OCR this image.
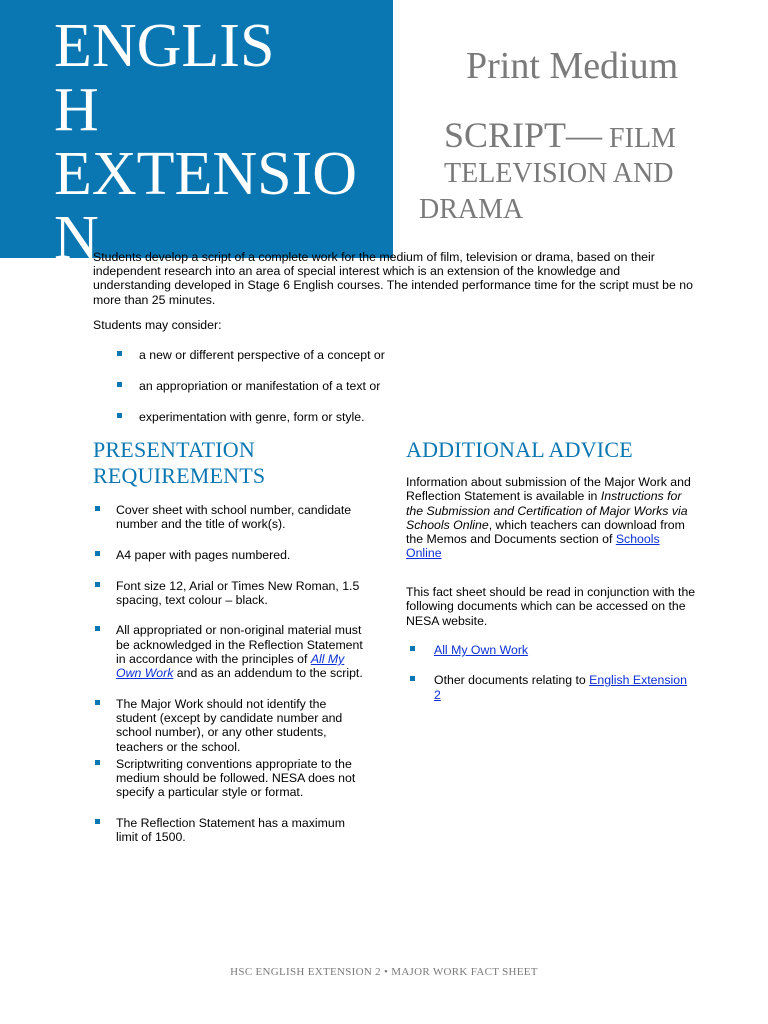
ENGLIS
H
EXTENSION
2

Print Medium

SCRIPT— FILM

TELEVISION AND

DRAMA

Students develop a script of a complete work for the medium of film, television or drama, based on their independent research into an area of special interest which is an extension of the knowledge and understanding developed in Stage 6 English courses. The intended performance time for the script must be no more than 25 minutes.

Students may consider:

a new or different perspective of a concept or
an appropriation or manifestation of a text or
experimentation with genre, form or style.
PRESENTATION
REQUIREMENTS
Cover sheet with school number, candidate number and the title of work(s).
A4 paper with pages numbered.
Font size 12, Arial or Times New Roman, 1.5 spacing, text colour – black.
All appropriated or non-original material must be acknowledged in the Reflection Statement in accordance with the principles of All My Own Work and as an addendum to the script.
The Major Work should not identify the student (except by candidate number and school number), or any other students, teachers or the school.
Scriptwriting conventions appropriate to the medium should be followed. NESA does not specify a particular style or format.
The Reflection Statement has a maximum limit of 1500.
ADDITIONAL ADVICE

Information about submission of the Major Work and Reflection Statement is available in Instructions for the Submission and Certification of Major Works via Schools Online, which teachers can download from the Memos and Documents section of Schools Online

This fact sheet should be read in conjunction with the following documents which can be accessed on the NESA website.

All My Own Work
Other documents relating to English Extension 2
HSC ENGLISH EXTENSION 2 • MAJOR WORK FACT SHEET
